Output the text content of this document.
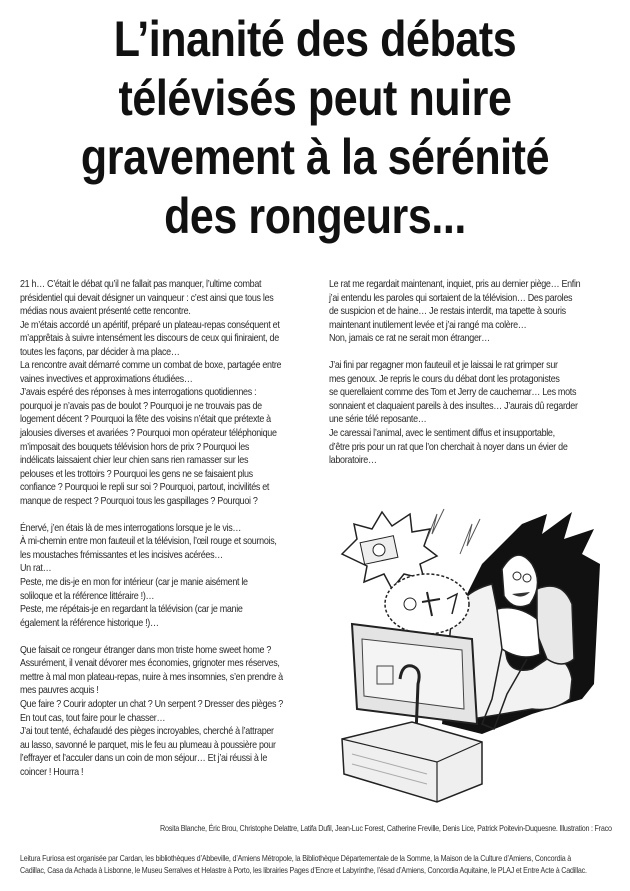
L’inanité des débats
télévisés peut nuire
gravement à la sérénité
des rongeurs...
21 h… C’était le débat qu’il ne fallait pas manquer, l’ultime combat
présidentiel qui devait désigner un vainqueur : c’est ainsi que tous les
médias nous avaient présenté cette rencontre.
Je m’étais accordé un apéritif, préparé un plateau-repas conséquent et
m’apprêtais à suivre intensément les discours de ceux qui finiraient, de
toutes les façons, par décider à ma place…
La rencontre avait démarré comme un combat de boxe, partagée entre
vaines invectives et approximations étudiées…
J’avais espéré des réponses à mes interrogations quotidiennes :
pourquoi je n’avais pas de boulot ? Pourquoi je ne trouvais pas de
logement décent ? Pourquoi la fête des voisins n’était que prétexte à
jalousies diverses et avariées ? Pourquoi mon opérateur téléphonique
m’imposait des bouquets télévision hors de prix ? Pourquoi les
indélicats laissaient chier leur chien sans rien ramasser sur les
pelouses et les trottoirs ? Pourquoi les gens ne se faisaient plus
confiance ? Pourquoi le repli sur soi ? Pourquoi, partout, incivilités et
manque de respect ? Pourquoi tous les gaspillages ? Pourquoi ?
Énervé, j’en étais là de mes interrogations lorsque je le vis…
À mi-chemin entre mon fauteuil et la télévision, l’œil rouge et sournois,
les moustaches frémissantes et les incisives acérées…
Un rat…
Peste, me dis-je en mon for intérieur (car je manie aisément le
soliloque et la référence littéraire !)…
Peste, me répétais-je en regardant la télévision (car je manie
également la référence historique !)…
Que faisait ce rongeur étranger dans mon triste home sweet home ?
Assurément, il venait dévorer mes économies, grignoter mes réserves,
mettre à mal mon plateau-repas, nuire à mes insomnies, s’en prendre à
mes pauvres acquis !
Que faire ? Courir adopter un chat ? Un serpent ? Dresser des pièges ?
En tout cas, tout faire pour le chasser…
J’ai tout tenté, échafaudé des pièges incroyables, cherché à l’attraper
au lasso, savonné le parquet, mis le feu au plumeau à poussière pour
l’effrayer et l’acculer dans un coin de mon séjour… Et j’ai réussi à le
coincer ! Hourra !
Le rat me regardait maintenant, inquiet, pris au dernier piège… Enfin
j’ai entendu les paroles qui sortaient de la télévision… Des paroles
de suspicion et de haine… Je restais interdit, ma tapette à souris
maintenant inutilement levée et j’ai rangé ma colère…
Non, jamais ce rat ne serait mon étranger…
J’ai fini par regagner mon fauteuil et je laissai le rat grimper sur
mes genoux. Je repris le cours du débat dont les protagonistes
se querellaient comme des Tom et Jerry de cauchemar… Les mots
sonnaient et claquaient pareils à des insultes… J’aurais dû regarder
une série télé reposante…
Je caressai l’animal, avec le sentiment diffus et insupportable,
d’être pris pour un rat que l’on cherchait à noyer dans un évier de
laboratoire…
Rosita Blanche, Éric Brou, Christophe Delattre, Latifa Dufil, Jean-Luc Forest, Catherine Freville, Denis Lice, Patrick Poitevin-Duquesne. Illustration : Fraco
Leitura Furiosa est organisée par Cardan, les bibliothèques d’Abbeville, d’Amiens Métropole, la Bibliothèque Départementale de la Somme, la Maison de la Culture d’Amiens, Concordia à
Cadillac, Casa da Achada à Lisbonne, le Museu Serralves et Helastre à Porto, les librairies Pages d’Encre et Labyrinthe, l’ésad d’Amiens, Concordia Aquitaine, le PLAJ et Entre Acte à Cadillac.
